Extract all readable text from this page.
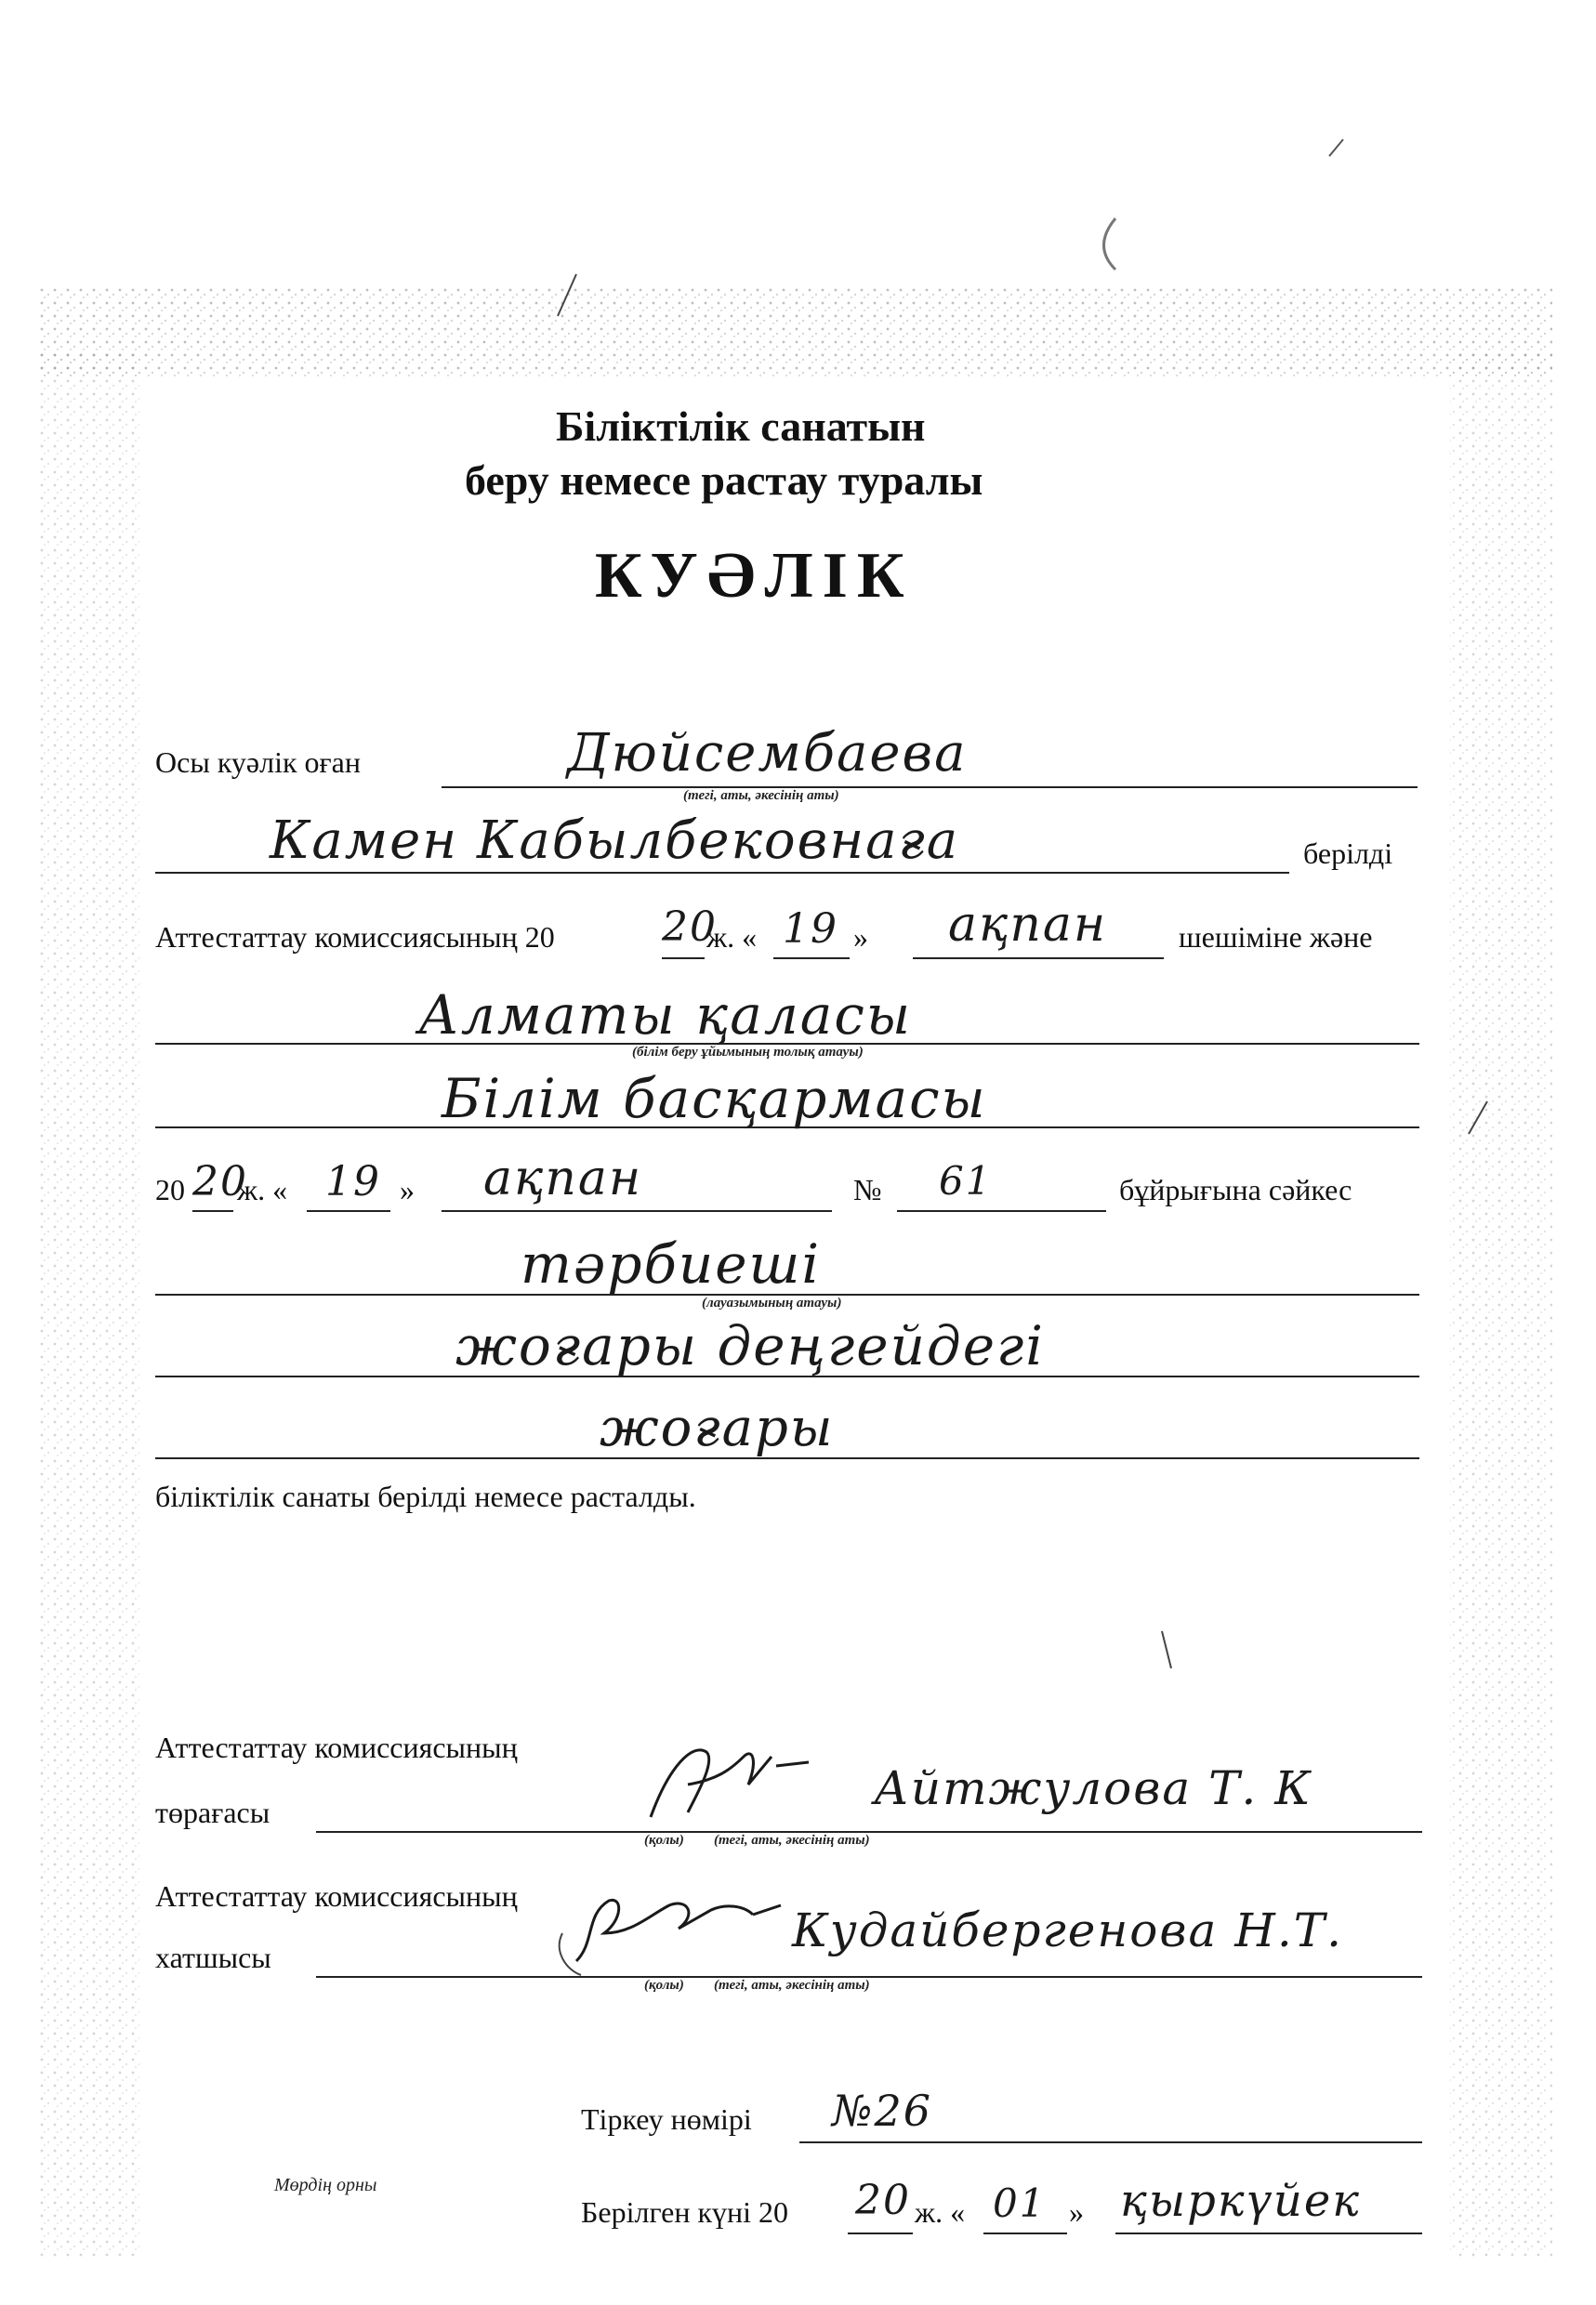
Біліктілік санатын
беру немесе растау туралы
КУӘЛІК
Осы куәлік оған	Дюйсембаева
(тегі, аты, әкесінің аты)
Камен Кабылбековнаға	берілді
Аттестаттау комиссиясының 20	20
ж. « 19 » ақпан шешіміне және
Алматы қаласы
(білім беру ұйымының толық атауы)
Білім басқармасы
20 20
ж. « 19 » ақпан	№ 61	бұйрығына сәйкес
тәрбиеші
(лауазымының атауы)
жоғары деңгейдегі
жоғары
біліктілік санаты берілді немесе расталды.
Аттестаттау комиссиясының
төрағасы	Айтжулова Т. К
(қолы) (тегі, аты, әкесінің аты)
Аттестаттау комиссиясының
хатшысы	Кудайбергенова Н.Т.
(қолы) (тегі, аты, әкесінің аты)
Тіркеу нөмірі №26
Мөрдің орны
Берілген күні 20 20 ж. « 01 » қыркүйек
